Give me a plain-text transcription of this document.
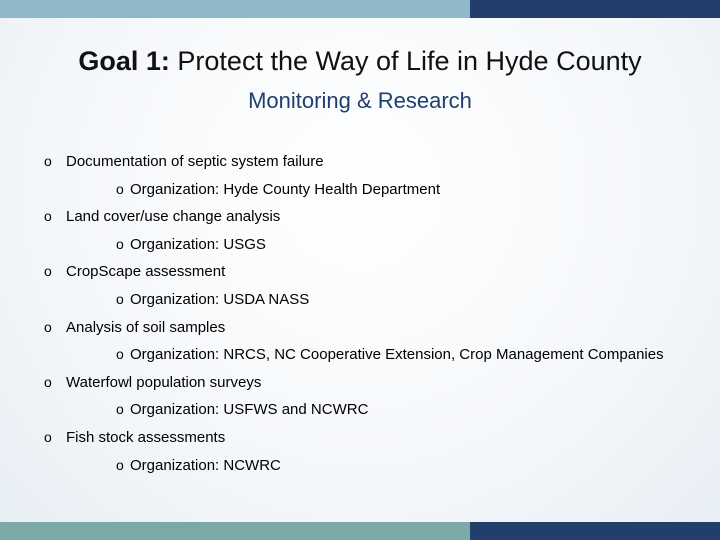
Goal 1: Protect the Way of Life in Hyde County
Monitoring & Research
o Documentation of septic system failure
o Organization: Hyde County Health Department
o Land cover/use change analysis
o Organization: USGS
o CropScape assessment
o Organization: USDA NASS
o Analysis of soil samples
o Organization: NRCS, NC Cooperative Extension, Crop Management Companies
o Waterfowl population surveys
o Organization: USFWS and NCWRC
o Fish stock assessments
o Organization: NCWRC
